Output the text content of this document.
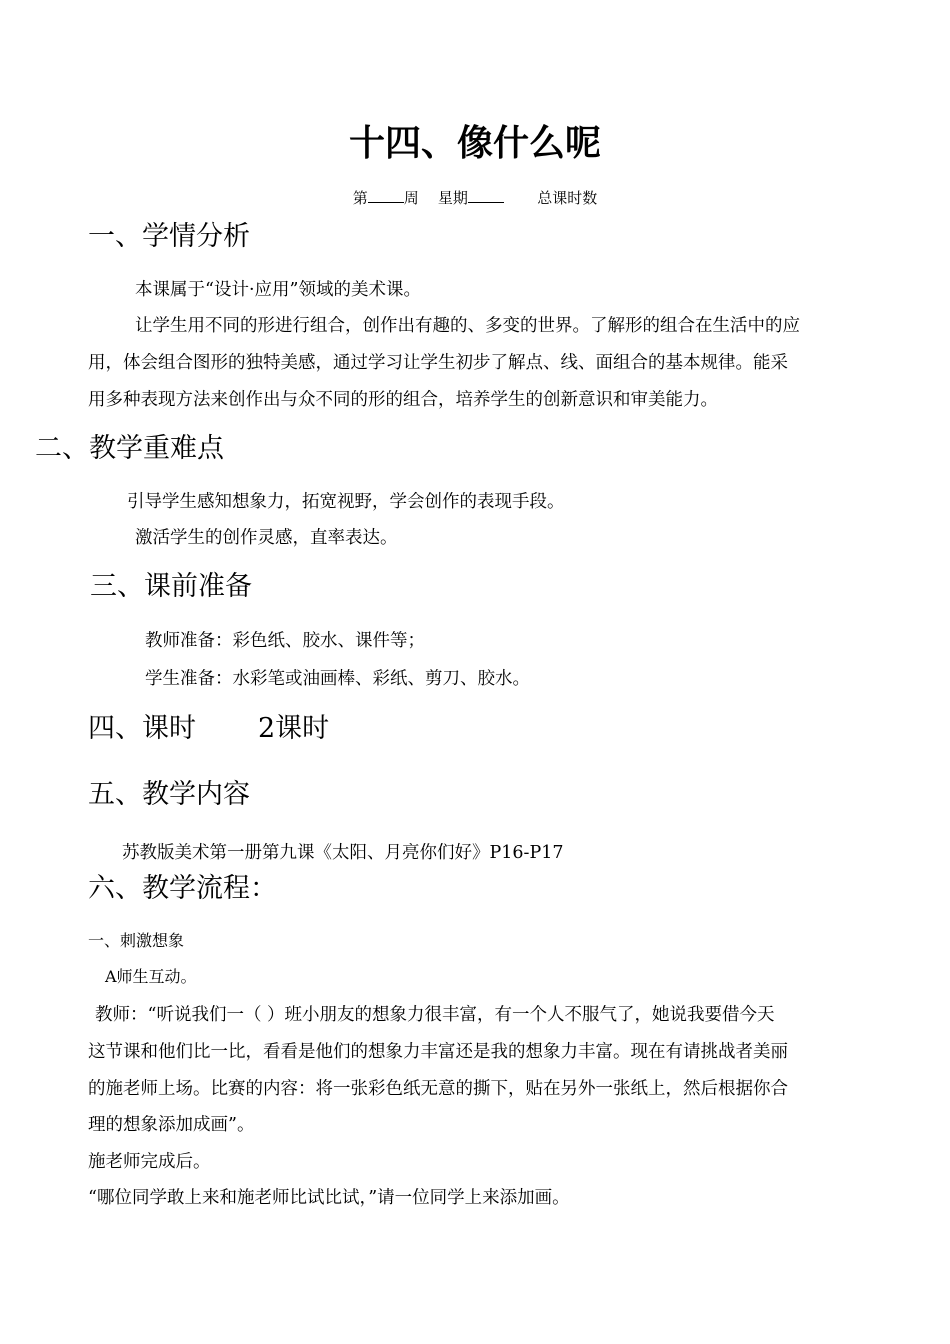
十四、像什么呢
第 周 星期	总课时数
一、学情分析
本课属于“设计·应用”领域的美术课。
让学生用不同的形进行组合，创作出有趣的、多变的世界。了解形的组合在生活中的应
用，体会组合图形的独特美感，通过学习让学生初步了解点、线、面组合的基本规律。能采
用多种表现方法来创作出与众不同的形的组合，培养学生的创新意识和审美能力。
二、教学重难点
引导学生感知想象力，拓宽视野，学会创作的表现手段。
激活学生的创作灵感，直率表达。
三、课前准备
教师准备：彩色纸、胶水、课件等；
学生准备：水彩笔或油画棒、彩纸、剪刀、胶水。
四、课时 2课时
五、教学内容
苏教版美术第一册第九课《太阳、月亮你们好》P16-P17
六、教学流程：
一、刺激想象
A师生互动。
教师：“听说我们一（ ）班小朋友的想象力很丰富，有一个人不服气了，她说我要借今天
这节课和他们比一比，看看是他们的想象力丰富还是我的想象力丰富。现在有请挑战者美丽
的施老师上场。比赛的内容：将一张彩色纸无意的撕下，贴在另外一张纸上，然后根据你合
理的想象添加成画”。
施老师完成后。
“哪位同学敢上来和施老师比试比试，”请一位同学上来添加画。
